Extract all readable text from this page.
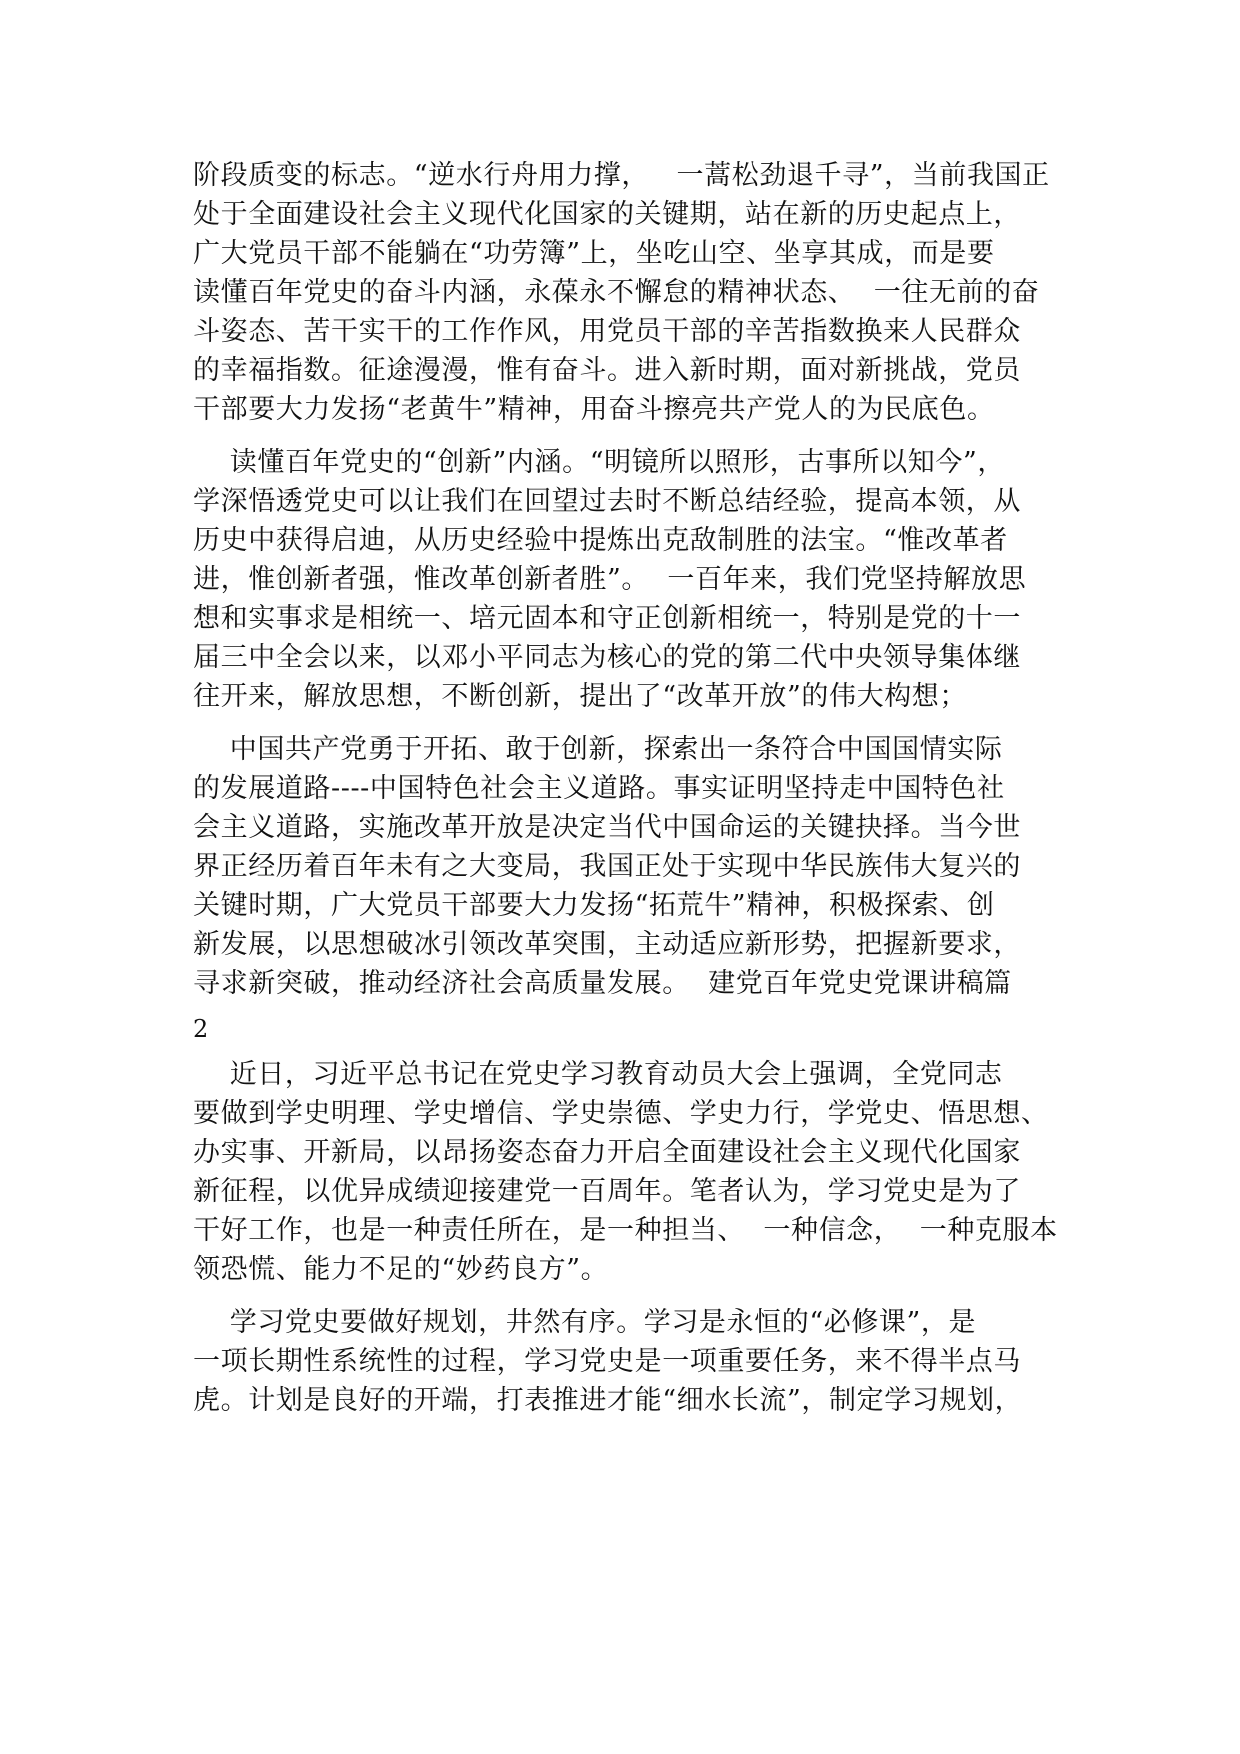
阶段质变的标志。“逆水行舟用力撑，   一蒿松劲退千寻”，当前我国正

处于全面建设社会主义现代化国家的关键期，站在新的历史起点上，

广大党员干部不能躺在“功劳簿”上，坐吃山空、坐享其成，而是要

读懂百年党史的奋斗内涵，永葆永不懈怠的精神状态、  一往无前的奋

斗姿态、苦干实干的工作作风，用党员干部的辛苦指数换来人民群众

的幸福指数。征途漫漫，惟有奋斗。进入新时期，面对新挑战，党员

干部要大力发扬“老黄牛”精神，用奋斗擦亮共产党人的为民底色。

读懂百年党史的“创新”内涵。“明镜所以照形，古事所以知今”，

学深悟透党史可以让我们在回望过去时不断总结经验，提高本领，从

历史中获得启迪，从历史经验中提炼出克敌制胜的法宝。“惟改革者

进，惟创新者强，惟改革创新者胜”。  一百年来，我们党坚持解放思

想和实事求是相统一、培元固本和守正创新相统一，特别是党的十一

届三中全会以来，以邓小平同志为核心的党的第二代中央领导集体继

往开来，解放思想，不断创新，提出了“改革开放”的伟大构想；

中国共产党勇于开拓、敢于创新，探索出一条符合中国国情实际

的发展道路----中国特色社会主义道路。事实证明坚持走中国特色社

会主义道路，实施改革开放是决定当代中国命运的关键抉择。当今世

界正经历着百年未有之大变局，我国正处于实现中华民族伟大复兴的

关键时期，广大党员干部要大力发扬“拓荒牛”精神，积极探索、创

新发展，以思想破冰引领改革突围，主动适应新形势，把握新要求，

寻求新突破，推动经济社会高质量发展。  建党百年党史党课讲稿篇

2

近日，习近平总书记在党史学习教育动员大会上强调，全党同志

要做到学史明理、学史增信、学史崇德、学史力行，学党史、悟思想、

办实事、开新局，以昂扬姿态奋力开启全面建设社会主义现代化国家

新征程，以优异成绩迎接建党一百周年。笔者认为，学习党史是为了

干好工作，也是一种责任所在，是一种担当、  一种信念，  一种克服本

领恐慌、能力不足的“妙药良方”。

学习党史要做好规划，井然有序。学习是永恒的“必修课”，是

一项长期性系统性的过程，学习党史是一项重要任务，来不得半点马

虎。计划是良好的开端，打表推进才能“细水长流”，制定学习规划，
